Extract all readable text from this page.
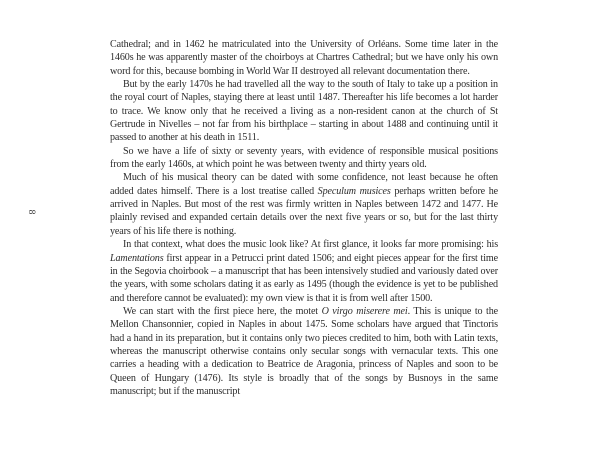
8

Cathedral; and in 1462 he matriculated into the University of Orléans. Some time later in the 1460s he was apparently master of the choirboys at Chartres Cathedral; but we have only his own word for this, because bombing in World War II destroyed all relevant documentation there.

But by the early 1470s he had travelled all the way to the south of Italy to take up a position in the royal court of Naples, staying there at least until 1487. Thereafter his life becomes a lot harder to trace. We know only that he received a living as a non-resident canon at the church of St Gertrude in Nivelles – not far from his birthplace – starting in about 1488 and continuing until it passed to another at his death in 1511.

So we have a life of sixty or seventy years, with evidence of responsible musical positions from the early 1460s, at which point he was between twenty and thirty years old.

Much of his musical theory can be dated with some confidence, not least because he often added dates himself. There is a lost treatise called Speculum musices perhaps written before he arrived in Naples. But most of the rest was firmly written in Naples between 1472 and 1477. He plainly revised and expanded certain details over the next five years or so, but for the last thirty years of his life there is nothing.

In that context, what does the music look like? At first glance, it looks far more promising: his Lamentations first appear in a Petrucci print dated 1506; and eight pieces appear for the first time in the Segovia choirbook – a manuscript that has been intensively studied and variously dated over the years, with some scholars dating it as early as 1495 (though the evidence is yet to be published and therefore cannot be evaluated): my own view is that it is from well after 1500.

We can start with the first piece here, the motet O virgo miserere mei. This is unique to the Mellon Chansonnier, copied in Naples in about 1475. Some scholars have argued that Tinctoris had a hand in its preparation, but it contains only two pieces credited to him, both with Latin texts, whereas the manuscript otherwise contains only secular songs with vernacular texts. This one carries a heading with a dedication to Beatrice de Aragonia, princess of Naples and soon to be Queen of Hungary (1476). Its style is broadly that of the songs by Busnoys in the same manuscript; but if the manuscript
